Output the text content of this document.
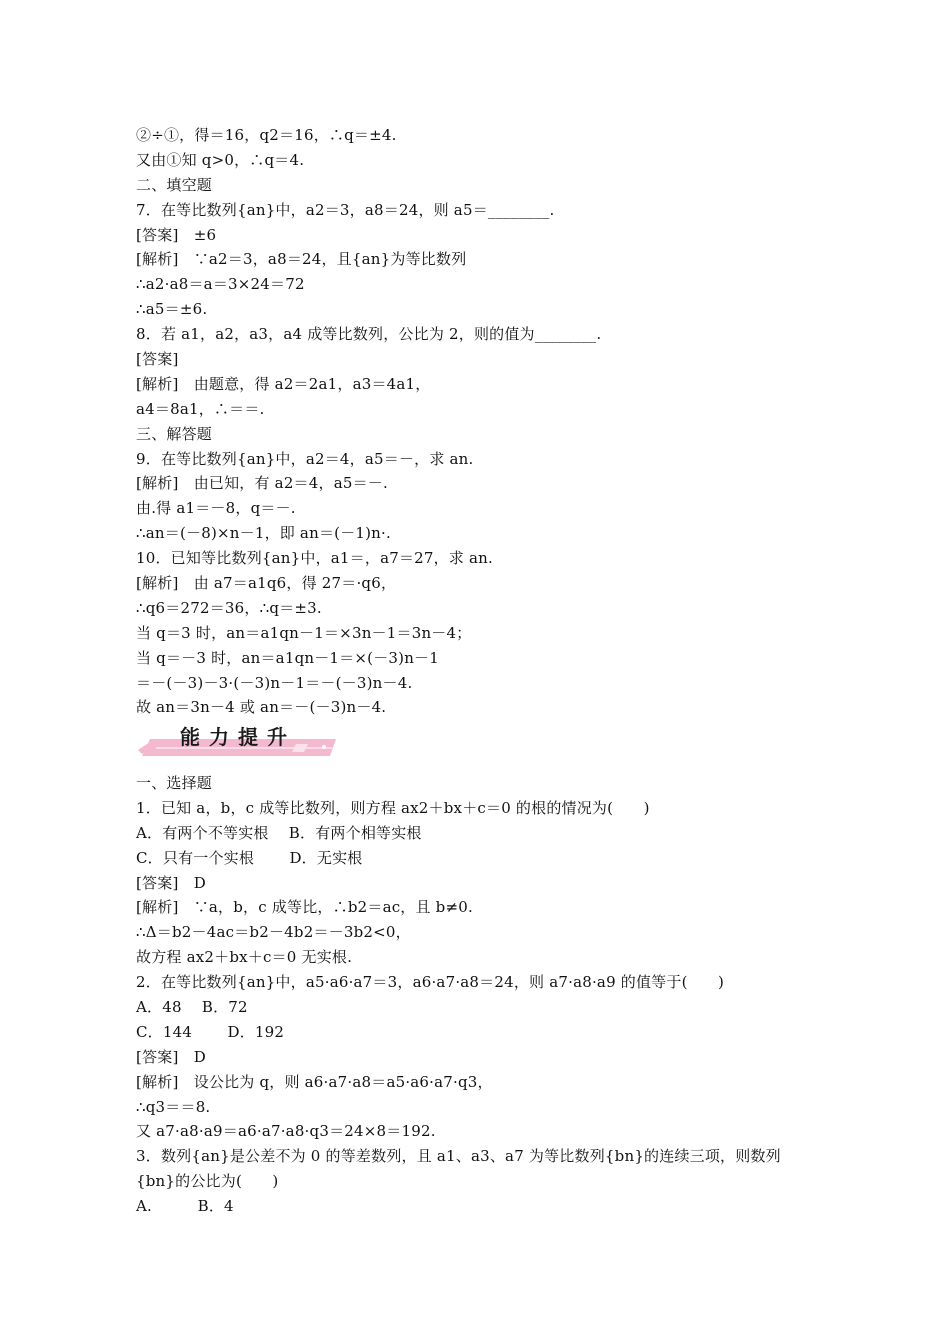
②÷①，得＝16，q2＝16，∴q＝±4.
又由①知 q>0，∴q＝4.
二、填空题
7．在等比数列{an}中，a2＝3，a8＝24，则 a5＝________.
[答案]　±6
[解析]　∵a2＝3，a8＝24，且{an}为等比数列
∴a2·a8＝a＝3×24＝72
∴a5＝±6.
8．若 a1，a2，a3，a4 成等比数列，公比为 2，则的值为________.
[答案]
[解析]　由题意，得 a2＝2a1，a3＝4a1，
a4＝8a1，∴＝＝.
三、解答题
9．在等比数列{an}中，a2＝4，a5＝－，求 an.
[解析]　由已知，有 a2＝4，a5＝－.
由.得 a1＝－8，q＝－.
∴an＝(－8)×n－1，即 an＝(－1)n·.
10．已知等比数列{an}中，a1＝，a7＝27，求 an.
[解析]　由 a7＝a1q6，得 27＝·q6，
∴q6＝272＝36，∴q＝±3.
当 q＝3 时，an＝a1qn－1＝×3n－1＝3n－4；
当 q＝－3 时，an＝a1qn－1＝×(－3)n－1
＝－(－3)－3·(－3)n－1＝－(－3)n－4.
故 an＝3n－4 或 an＝－(－3)n－4.
能力提升
一、选择题
1．已知 a，b，c 成等比数列，则方程 ax2＋bx＋c＝0 的根的情况为(　　)
A．有两个不等实根　 B．有两个相等实根
C．只有一个实根　　 D．无实根
[答案]　D
[解析]　∵a，b，c 成等比，∴b2＝ac，且 b≠0.
∴Δ＝b2－4ac＝b2－4b2＝－3b2<0，
故方程 ax2＋bx＋c＝0 无实根.
2．在等比数列{an}中，a5·a6·a7＝3，a6·a7·a8＝24，则 a7·a8·a9 的值等于(　　)
A．48　 B．72
C．144　　 D．192
[答案]　D
[解析]　设公比为 q，则 a6·a7·a8＝a5·a6·a7·q3，
∴q3＝＝8.
又 a7·a8·a9＝a6·a7·a8·q3＝24×8＝192.
3．数列{an}是公差不为 0 的等差数列，且 a1、a3、a7 为等比数列{bn}的连续三项，则数列
{bn}的公比为(　　)
A.　　　B．4
